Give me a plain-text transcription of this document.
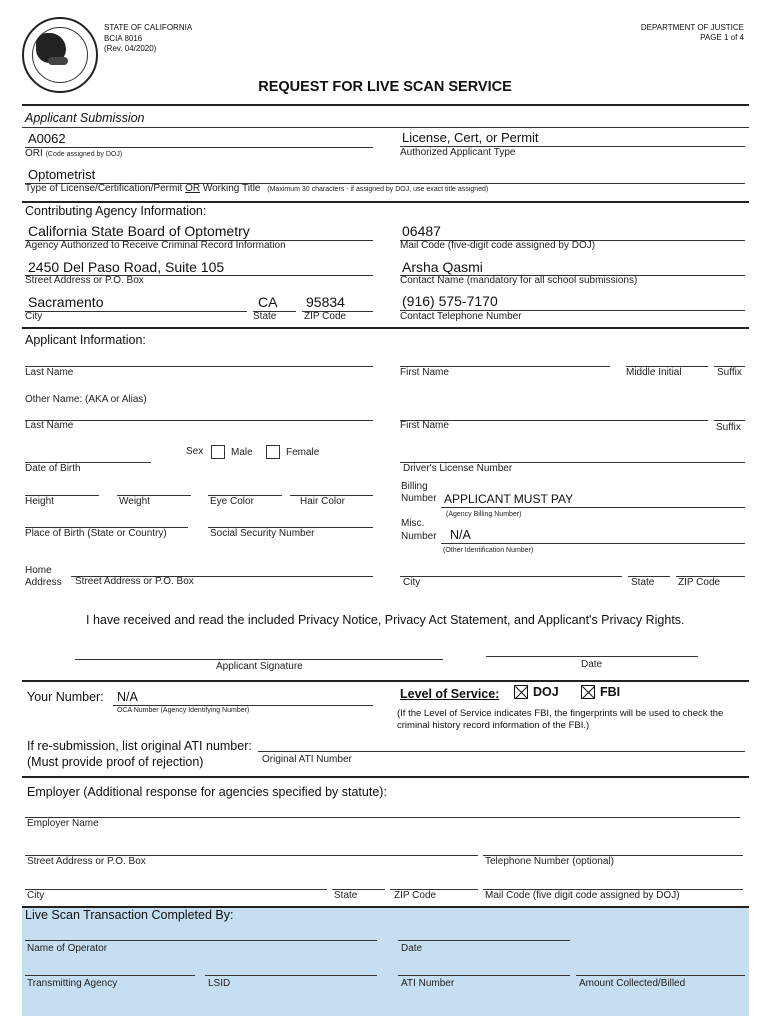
STATE OF CALIFORNIA
BCIA 8016
(Rev. 04/2020)
DEPARTMENT OF JUSTICE
PAGE 1 of 4
REQUEST FOR LIVE SCAN SERVICE
Applicant Submission
A0062
ORI (Code assigned by DOJ)
License, Cert, or Permit
Authorized Applicant Type
Optometrist
Type of License/Certification/Permit OR Working Title (Maximum 30 characters - if assigned by DOJ, use exact title assigned)
Contributing Agency Information:
California State Board of Optometry
Agency Authorized to Receive Criminal Record Information
06487
Mail Code (five-digit code assigned by DOJ)
2450 Del Paso Road, Suite 105
Street Address or P.O. Box
Arsha Qasmi
Contact Name (mandatory for all school submissions)
Sacramento
City
CA
State
95834
ZIP Code
(916) 575-7170
Contact Telephone Number
Applicant Information:
Last Name	First Name	Middle Initial	Suffix
Other Name: (AKA or Alias)
Last Name	First Name	Suffix
Sex	Male	Female
Date of Birth	Driver's License Number
Height	Weight	Eye Color	Hair Color
Billing
Number APPLICANT MUST PAY
(Agency Billing Number)
Place of Birth (State or Country)	Social Security Number
Misc.
Number N/A
(Other Identification Number)
Home
Address Street Address or P.O. Box	City	State ZIP Code
I have received and read the included Privacy Notice, Privacy Act Statement, and Applicant's Privacy Rights.
Applicant Signature	Date
Your Number: N/A
OCA Number (Agency Identifying Number)
Level of Service:	DOJ	FBI
(If the Level of Service indicates FBI, the fingerprints will be used to check the
criminal history record information of the FBI.)
If re-submission, list original ATI number:
(Must provide proof of rejection)	Original ATI Number
Employer (Additional response for agencies specified by statute):
Employer Name
Street Address or P.O. Box	Telephone Number (optional)
City	State	ZIP Code	Mail Code (five digit code assigned by DOJ)
Live Scan Transaction Completed By:
Name of Operator	Date
Transmitting Agency	LSID	ATI Number	Amount Collected/Billed
